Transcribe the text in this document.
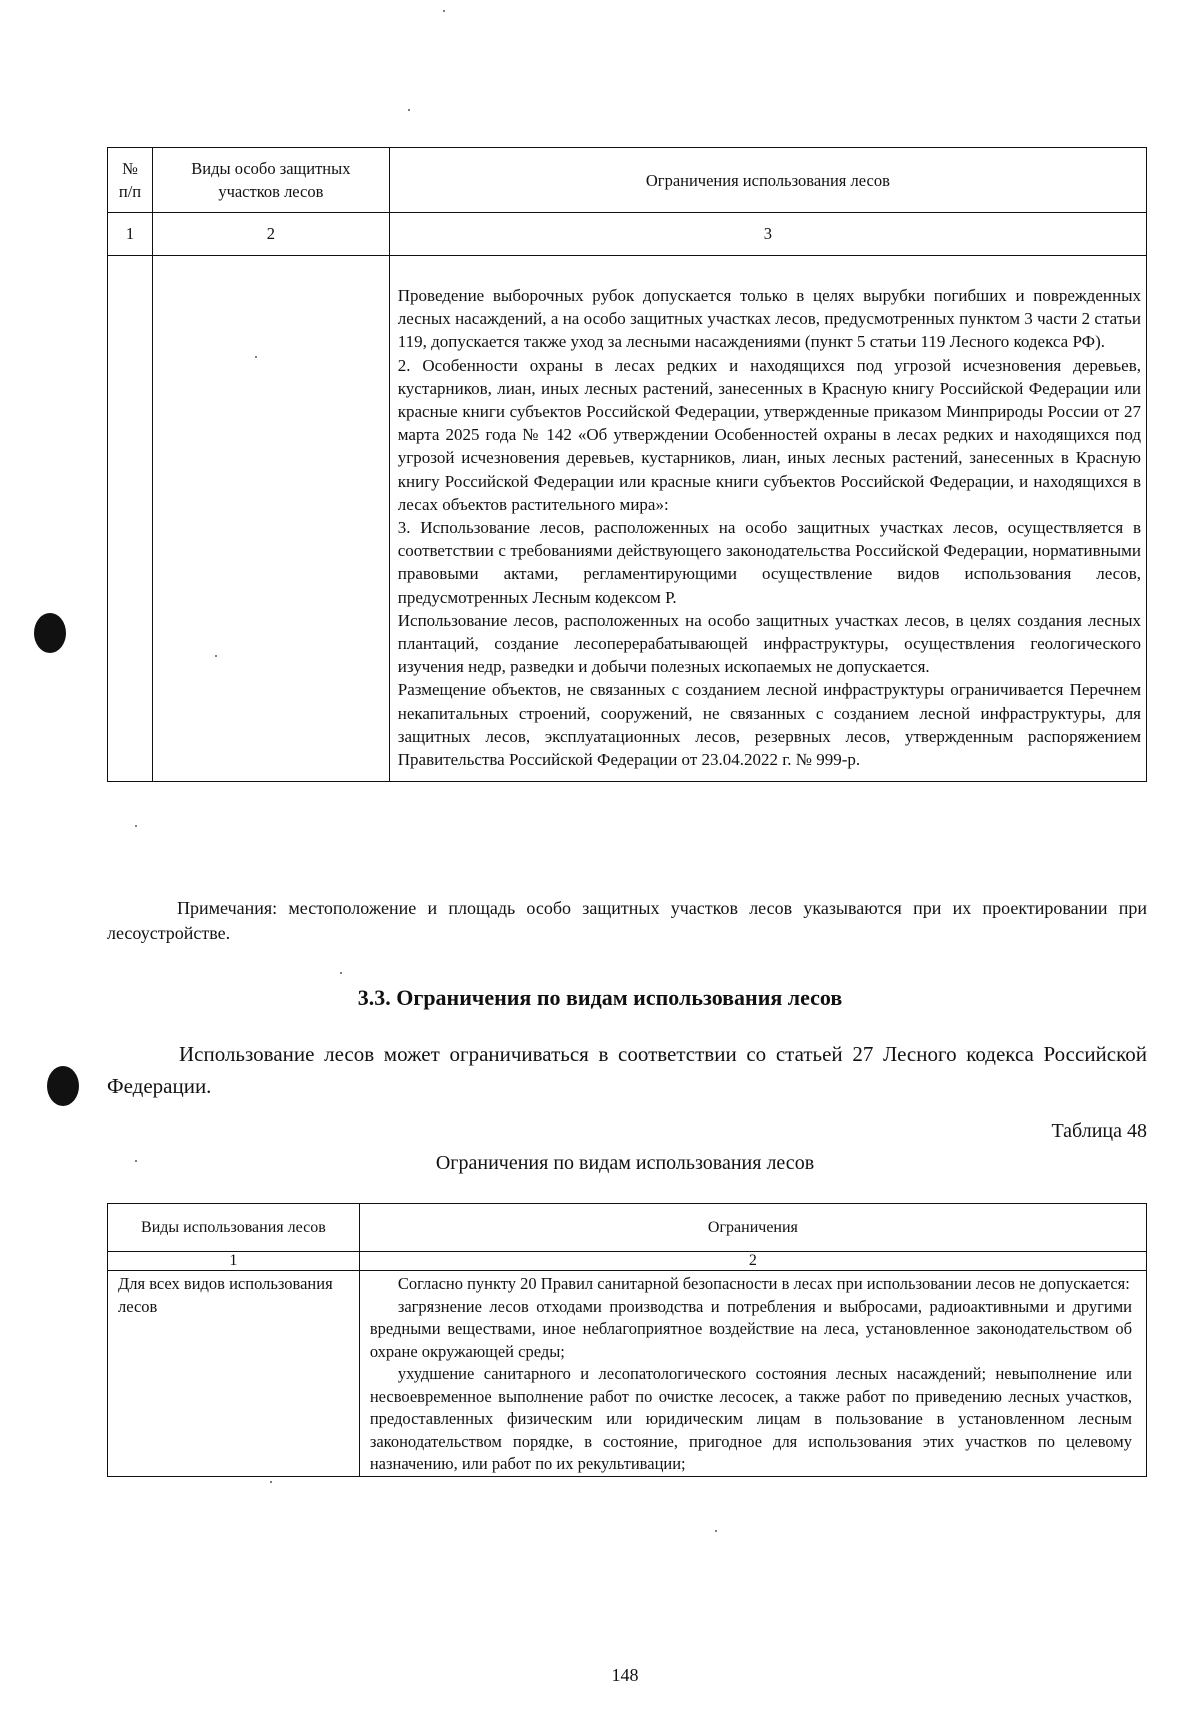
№ п/п	Виды особо защитных участков лесов	Ограничения использования лесов
1	2	3

		Проведение выборочных рубок допускается только в целях вырубки погибших и поврежденных лесных насаждений, а на особо защитных участках лесов, предусмотренных пунктом 3 части 2 статьи 119, допускается также уход за лесными насаждениями (пункт 5 статьи 119 Лесного кодекса РФ).

2. Особенности охраны в лесах редких и находящихся под угрозой исчезновения деревьев, кустарников, лиан, иных лесных растений, занесенных в Красную книгу Российской Федерации или красные книги субъектов Российской Федерации, утвержденные приказом Минприроды России от 27 марта 2025 года № 142 «Об утверждении Особенностей охраны в лесах редких и находящихся под угрозой исчезновения деревьев, кустарников, лиан, иных лесных растений, занесенных в Красную книгу Российской Федерации или красные книги субъектов Российской Федерации, и находящихся в лесах объектов растительного мира»:

3. Использование лесов, расположенных на особо защитных участках лесов, осуществляется в соответствии с требованиями действующего законодательства Российской Федерации, нормативными правовыми актами, регламентирующими осуществление видов использования лесов, предусмотренных Лесным кодексом Р.

Использование лесов, расположенных на особо защитных участках лесов, в целях создания лесных плантаций, создание лесоперерабатывающей инфраструктуры, осуществления геологического изучения недр, разведки и добычи полезных ископаемых не допускается.

Размещение объектов, не связанных с созданием лесной инфраструктуры ограничивается Перечнем некапитальных строений, сооружений, не связанных с созданием лесной инфраструктуры, для защитных лесов, эксплуатационных лесов, резервных лесов, утвержденным распоряжением Правительства Российской Федерации от 23.04.2022 г. № 999-р.

Примечания: местоположение и площадь особо защитных участков лесов указываются при их проектировании при лесоустройстве.
3.3. Ограничения по видам использования лесов
Использование лесов может ограничиваться в соответствии со статьей 27 Лесного кодекса Российской Федерации.
Таблица 48
Ограничения по видам использования лесов
Виды использования лесов	Ограничения
1	2
Для всех видов использования лесов	Согласно пункту 20 Правил санитарной безопасности в лесах при использовании лесов не допускается:

загрязнение лесов отходами производства и потребления и выбросами, радиоактивными и другими вредными веществами, иное неблагоприятное воздействие на леса, установленное законодательством об охране окружающей среды;

ухудшение санитарного и лесопатологического состояния лесных насаждений; невыполнение или несвоевременное выполнение работ по очистке лесосек, а также работ по приведению лесных участков, предоставленных физическим или юридическим лицам в пользование в установленном лесным законодательством порядке, в состояние, пригодное для использования этих участков по целевому назначению, или работ по их рекультивации;

148
